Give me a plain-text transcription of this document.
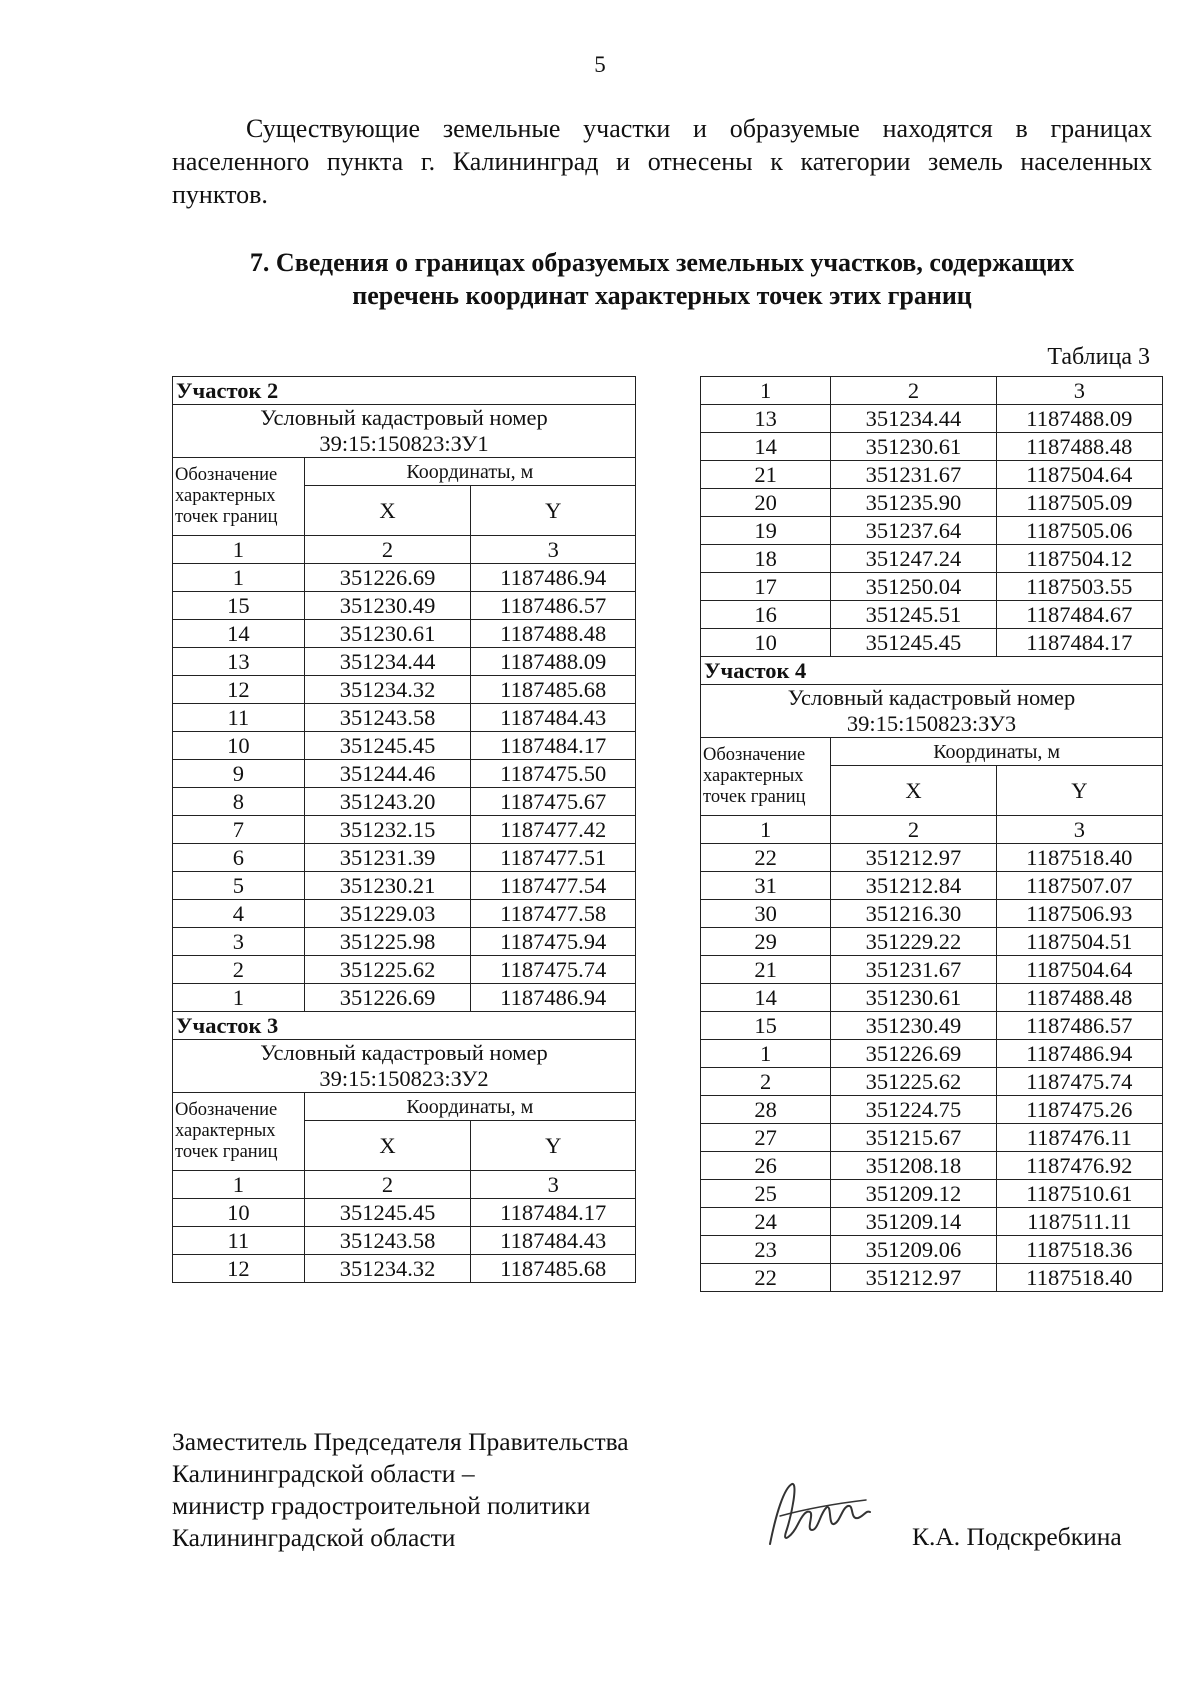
5

Существующие земельные участки и образуемые находятся в границах населенного пункта г. Калининград и отнесены к категории земель населенных пунктов.

7. Сведения о границах образуемых земельных участков, содержащих
перечень координат характерных точек этих границ
Таблица 3
Участок 2		

Условный кадастровый номер
39:15:150823:ЗУ1		

Обозначение
характерных
точек границ	Координаты, м	
	X	Y
1	2	3
1	351226.69	1187486.94
15	351230.49	1187486.57
14	351230.61	1187488.48
13	351234.44	1187488.09
12	351234.32	1187485.68
11	351243.58	1187484.43
10	351245.45	1187484.17
9	351244.46	1187475.50
8	351243.20	1187475.67
7	351232.15	1187477.42
6	351231.39	1187477.51
5	351230.21	1187477.54
4	351229.03	1187477.58
3	351225.98	1187475.94
2	351225.62	1187475.74
1	351226.69	1187486.94
Участок 3		

Условный кадастровый номер
39:15:150823:ЗУ2		

Обозначение
характерных
точек границ	Координаты, м	
	X	Y
1	2	3
10	351245.45	1187484.17
11	351243.58	1187484.43
12	351234.32	1187485.68
1	2	3
13	351234.44	1187488.09
14	351230.61	1187488.48
21	351231.67	1187504.64
20	351235.90	1187505.09
19	351237.64	1187505.06
18	351247.24	1187504.12
17	351250.04	1187503.55
16	351245.51	1187484.67
10	351245.45	1187484.17
Участок 4		

Условный кадастровый номер
39:15:150823:ЗУ3		

Обозначение
характерных
точек границ	Координаты, м	
	X	Y
1	2	3
22	351212.97	1187518.40
31	351212.84	1187507.07
30	351216.30	1187506.93
29	351229.22	1187504.51
21	351231.67	1187504.64
14	351230.61	1187488.48
15	351230.49	1187486.57
1	351226.69	1187486.94
2	351225.62	1187475.74
28	351224.75	1187475.26
27	351215.67	1187476.11
26	351208.18	1187476.92
25	351209.12	1187510.61
24	351209.14	1187511.11
23	351209.06	1187518.36
22	351212.97	1187518.40
Заместитель Председателя Правительства
Калининградской области –
министр градостроительной политики
Калининградской области	К.А. Подскребкина
